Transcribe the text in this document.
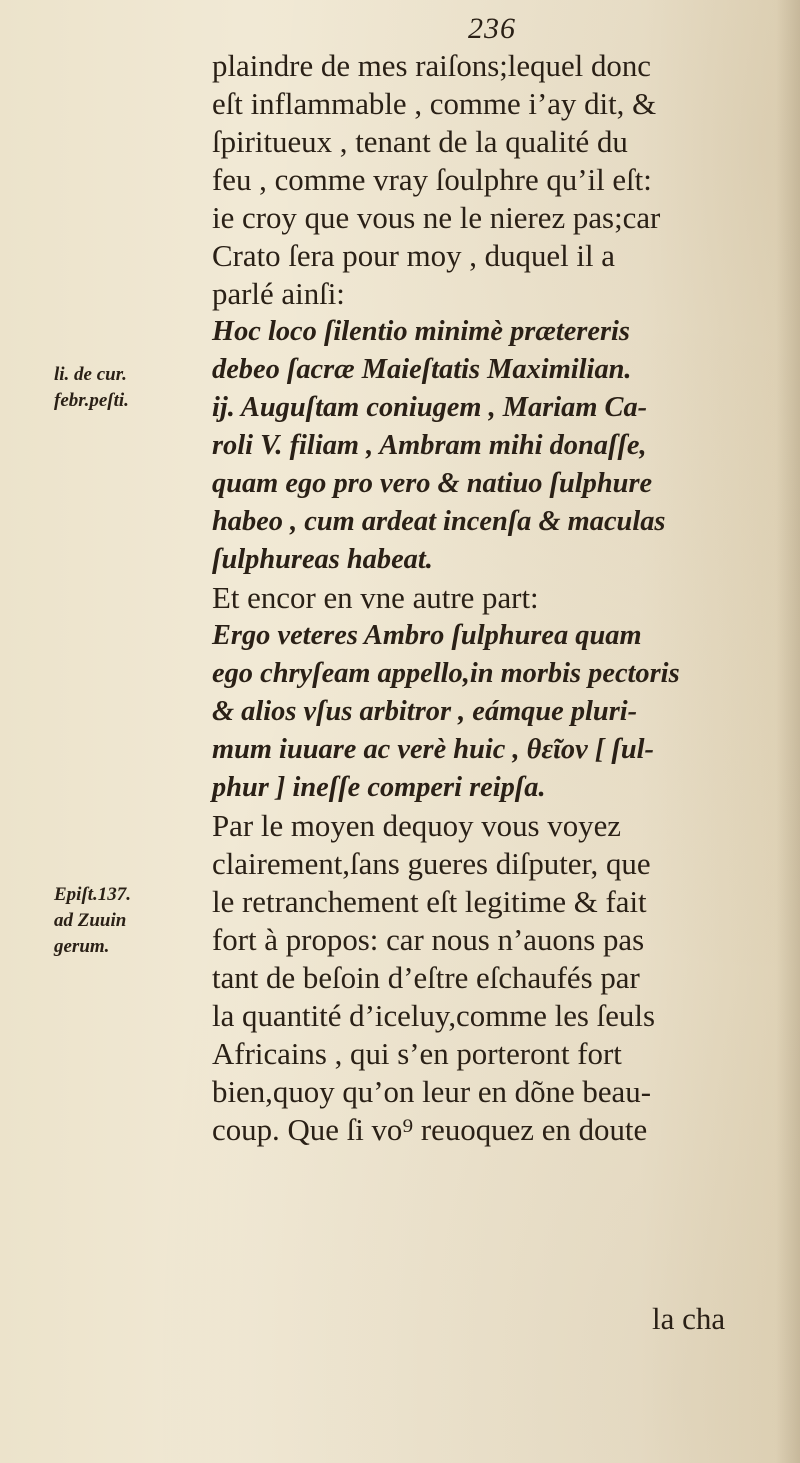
236
plaindre de mes raiſons;lequel donc
eſt inflammable , comme i’ay dit, &
ſpiritueux , tenant de la qualité du
feu , comme vray ſoulphre qu’il eſt:
ie croy que vous ne le nierez pas;car
Crato ſera pour moy , duquel il a
parlé ainſi:
Hoc loco ſilentio minimè prætereris
debeo ſacræ Maieſtatis Maximilian.
ij. Auguſtam coniugem , Mariam Ca-
roli V. filiam , Ambram mihi donaſſe,
quam ego pro vero & natiuo ſulphure
habeo , cum ardeat incenſa & maculas
ſulphureas habeat.
Et encor en vne autre part:
Ergo veteres Ambro ſulphurea quam
ego chryſeam appello,in morbis pectoris
& alios vſus arbitror , eámque pluri-
mum iuuare ac verè huic , θεῖον [ ſul-
phur ] ineſſe comperi reipſa.
Par le moyen dequoy vous voyez
clairement,ſans gueres diſputer, que
le retranchement eſt legitime & fait
fort à propos: car nous n’auons pas
tant de beſoin d’eſtre eſchaufés par
la quantité d’iceluy,comme les ſeuls
Africains , qui s’en porteront fort
bien,quoy qu’on leur en dõne beau-
coup. Que ſi vo⁹ reuoquez en doute
li. de cur.
febr.peſti.
Epiſt.137.
ad Zuuin
gerum.
la cha
